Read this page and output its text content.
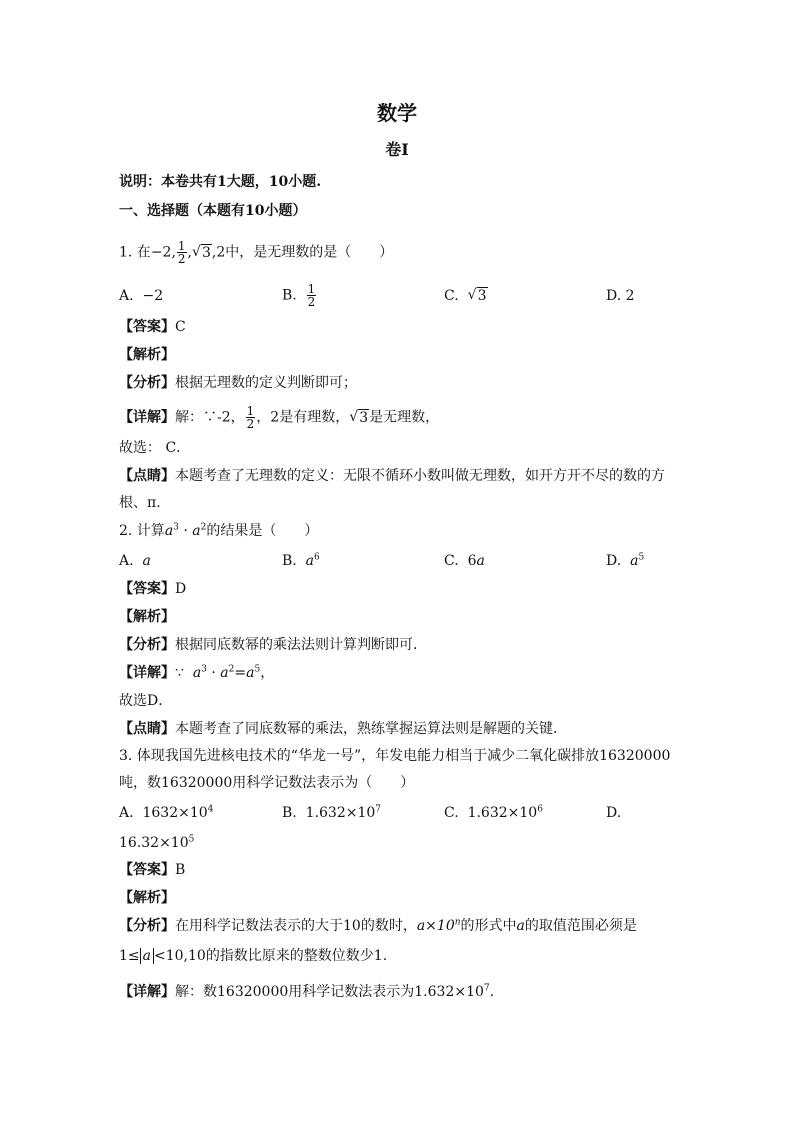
数学
卷I
说明：本卷共有1大题，10小题.
一、选择题（本题有10小题）
1. 在−2, $\frac{1}{2}$ , √ 3,2中，是无理数的是（　　）
A. −2	B. $\frac{1}{2}$	C. √ 3	D. 2
【答案】C
【解析】
【分析】根据无理数的定义判断即可；
【详解】解：∵-2， $\frac{1}{2}$ ，2是有理数， √ 3是无理数，
故选： C．
【点睛】本题考查了无理数的定义：无限不循环小数叫做无理数，如开方开不尽的数的方
根、π.
2. 计算$a^3 \cdot a^2$的结果是（　　）
A. a	B. $a^6$	C. 6a	D. $a^5$
【答案】D
【解析】
【分析】根据同底数幂的乘法法则计算判断即可．
【详解】∵ $a^3 \cdot a^2=a^5$，
故选D．
【点睛】本题考查了同底数幂的乘法，熟练掌握运算法则是解题的关键．
3. 体现我国先进核电技术的“华龙一号”，年发电能力相当于减少二氧化碳排放16320000
吨，数16320000用科学记数法表示为（　　）
A. $1632\times 10^4$	B. $1.632\times 10^7$	C. $1.632\times 10^6$	D.
$16.32\times 10^5$
【答案】B
【解析】
【分析】在用科学记数法表示的大于10的数时，$a\times 10^n$的形式中a的取值范围必须是
1≤ a <10,10的指数比原来的整数位数少1.
【详解】解：数16320000用科学记数法表示为$1.632\times 10^7$.
